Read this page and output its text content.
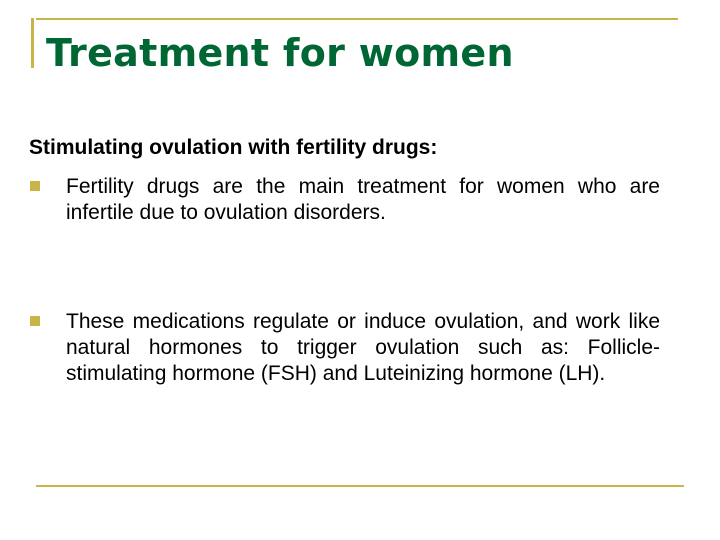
Treatment for women

Stimulating ovulation with fertility drugs:

Fertility drugs are the main treatment for women who are infertile due to ovulation disorders.
These medications regulate or induce ovulation, and work like natural hormones to trigger ovulation such as: Follicle-stimulating hormone (FSH) and Luteinizing hormone (LH).
